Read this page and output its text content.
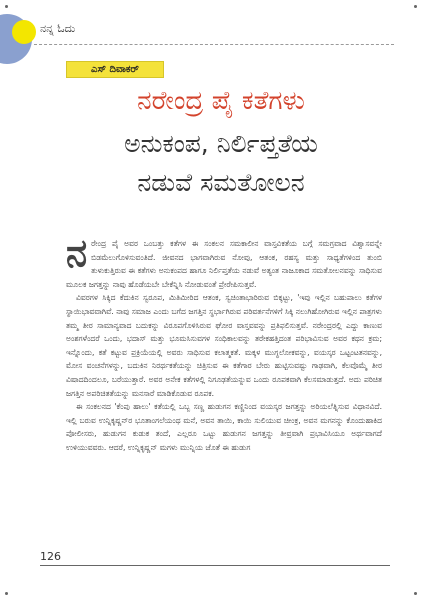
ನನ್ನ ಓದು
ಎಸ್ ದಿವಾಕರ್
ನರೇಂದ್ರ ಪೈ ಕತೆಗಳು
ಅನುಕಂಪ, ನಿರ್ಲಿಪ್ತತೆಯ
ನಡುವೆ ಸಮತೋಲನ

ನರೇಂದ್ರ ಪೈ ಅವರ ಒಂಬತ್ತು ಕತೆಗಳ ಈ ಸಂಕಲನ ಸಮಕಾಲೀನ ವಾಸ್ತವಿಕತೆಯ ಬಗ್ಗೆ ಸಮಗ್ರವಾದ ವಿಶ್ವಾಸವನ್ನೇ ಬಿಡಮೆಲುಗೊಳಿಸುವಂತಿದೆ. ಜೀವನದ ಭಾಗವಾಗಿರುವ ನೋವು, ಆತಂಕ, ರಹಸ್ಯ ಮತ್ತು ಸಾಧ್ಯತೆಗಳಿಂದ ತುಂಬಿ ತುಳುಕುತ್ತಿರುವ ಈ ಕತೆಗಳು ಅನುಕಂಪದ ಹಾಗೂ ನಿರ್ಲಿಪ್ತತೆಯ ನಡುವೆ ಅತ್ಯಂತ ನಾಜೂಕಾದ ಸಮತೋಲನವನ್ನು ಸಾಧಿಸುವ ಮೂಲಕ ಜಗತ್ತನ್ನು ನಾವು ಹೊಡೆಯಬೇ ಬೇಕೆನ್ನಿಸಿ ನೋಡುವಂತೆ ಪ್ರೇರೇಪಿಸುತ್ತವೆ.

ವಿವರಗಳ ಸಿಕ್ಕಿದ ಕೆದುಕಿನ ಸ್ವರೂಪ, ಮಿತಿಮೀರಿದ ಆತಂಕ, ಸ್ವಚಿಂತಾಭಾರಿರುವ ಬಿಕ್ಕಟ್ಟು, 'ಇವು ಇಲ್ಲಿನ ಬಹುಪಾಲು ಕತೆಗಳ ಸ್ಥಾಯಿಭಾವವಾಗಿವೆ. ನಾವು ಸಮಾಜ ಎಂದು ಬಗೆದ ಜಗತ್ತಿನ ಸ್ಥರ್ಭಾಗಿರುವ ಪರಿವರ್ತನೆಗಳಿಗೆ ಸಿಕ್ಕಿ ನಲುಗಿಹೋಗಿರುವ ಇಲ್ಲಿನ ಪಾತ್ರಗಳು ತಮ್ಮ ತೀರ ಸಾಮಾನ್ಯವಾದ ಬದುಕನ್ನು ವಿರೂಪಗೊಳಿಸಿರುವ ಘೋರ ವಾಸ್ತವವನ್ನು ಪ್ರತಿಫಲಿಸುತ್ತವೆ. ನರೇಂದ್ರರಲ್ಲಿ ಎದ್ದು ಕಾಣುವ ಅಂಶಗಳೆಂದರೆ ಒಂದು, ಭದಾಸ್‌ ಮತ್ತು ಭೂಮಸಿಸುವಗಳ ಸಂಧಿಕಾಲವನ್ನು ತರೇಕಹತ್ತಿದಂತ ಪರಿಭಾವಿಸುವ ಅವರ ಕಥನ ಕ್ರಮ; ಇನ್ನೊಂದು, ಕತೆ ಕಟ್ಟುವ ಪ್ರಕ್ರಿಯೆಯಲ್ಲಿ ಅವರು ಸಾಧಿಸುವ ಕಲಾತ್ಮಕತೆ. ಮಕ್ಕಳ ಮುಗ್ಧಲೋಕವನ್ನು, ವಯಸ್ಕರ ಒಟ್ಟಂಟತನವನ್ನು, ಮೋಸ ವಂಚನೆಗಳನ್ನು, ಬದುಕಿನ ನಿರರ್ಥಕತೆಯನ್ನು ಚಿತ್ರಿಸುವ ಈ ಕತೆಗಾರ ಬೇರು ಹುಟ್ಟಿಸುವಷ್ಟು ಗಾಢವಾಗಿ, ಕೆಲವೊಮ್ಮೆ ತೀರ ವಿಷಾದದಿಂದಲೂ, ಬರೆಯುತ್ತಾರೆ. ಅವರ ಅನೇಕ ಕತೆಗಳಲ್ಲಿ ನಿಗೂಢತೆಯನ್ನುವ ಒಂದು ರೂಪಕವಾಗಿ ಕೆಲಸಮಾಡುತ್ತದೆ. ಅದು ಪರಿಚಿತ ಜಗತ್ತಿನ ಅಪರಿಚಿತತೆಯನ್ನು ಮನಸಾರೆ ಮಾಡಿಕೊಡುವ ರೂಪಕ.

ಈ ಸಂಕಲನದ 'ಕೆಂಪು ಹಾಲು' ಕತೆಯಲ್ಲಿ ಒಬ್ಬ ಸಣ್ಣ ಹುಡುಗನ ಕಣ್ಣಿನಿಂದ ವಯಸ್ಕರ ಜಗತ್ತನ್ನು ಅರಿಯಲೆತ್ನಿಸುವ ವಿಧಾನವಿದೆ. ಇಲ್ಲಿ ಬರುವ ಉನ್ನಿಕೃಷ್ಣನ್‌ರ ಭೂತಾಂಗಲೆಯಂಥ ಮನೆ, ಅವನ ತಾಯಿ, ಕಾಯಿ ಸುಲಿಯುವ ಚೀಂಕ್ರ, ಅವನ ಮಗನನ್ನು ಕೊಂದುಹಾಕಿದ ಪೋಲೀಸರು, ಹುಡುಗನ ಕುಡುಕ ತಂದೆ, ಎಲ್ಲರೂ ಒಟ್ಟು ಹುಡುಗನ ಜಗತ್ತನ್ನು ತೀವ್ರವಾಗಿ ಪ್ರಭಾವಿಸಿಯೂ ಅರ್ಥವಾಗದೆ ಉಳಿಯುವವರು. ಆದರೆ, ಉನ್ನಿಕೃಷ್ಣನ್ ಮಗಳು ಮುನ್ನಿಯ ಜೊತೆ ಈ ಹುಡುಗ

126
